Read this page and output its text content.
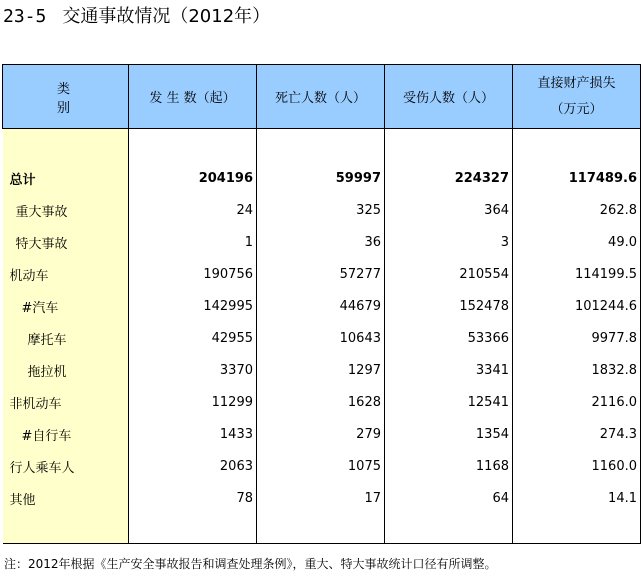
23-5 交通事故情况（2012年）
类 别	发 生 数（起）	死亡人数（人）	受伤人数（人）	直接财产损失
（万元）

总计	204196	59997	224327	117489.6
重大事故	24	325	364	262.8
特大事故	1	36	3	49.0
机动车	190756	57277	210554	114199.5
#汽车	142995	44679	152478	101244.6
摩托车	42955	10643	53366	9977.8
拖拉机	3370	1297	3341	1832.8
非机动车	11299	1628	12541	2116.0
#自行车	1433	279	1354	274.3
行人乘车人	2063	1075	1168	1160.0
其他	78	17	64	14.1

注：2012年根据《生产安全事故报告和调查处理条例》，重大、特大事故统计口径有所调整。
